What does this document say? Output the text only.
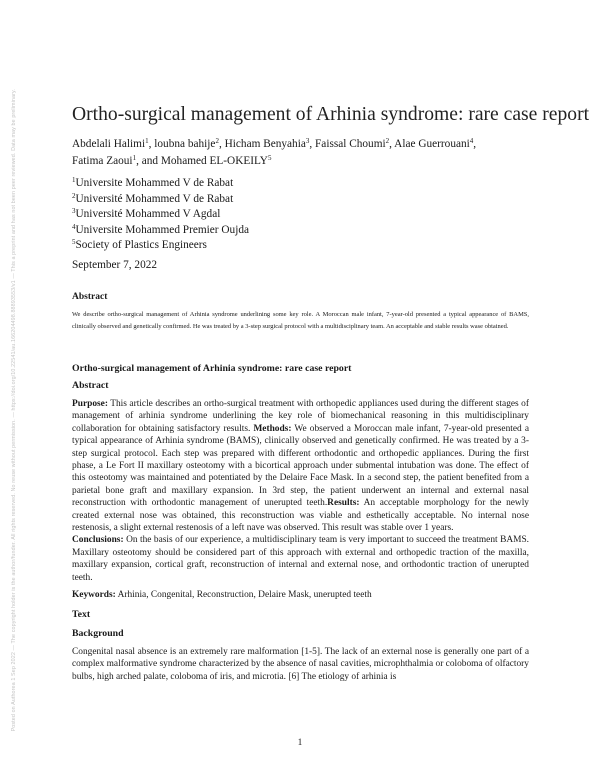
Posted on Authorea 1 Sep 2022 — The copyright holder is the author/funder. All rights reserved. No reuse without permission. — https://doi.org/10.22541/au.166204498.88893553/v1 — This a preprint and has not been peer reviewed. Data may be preliminary.	Ortho-surgical management of Arhinia syndrome: rare case report
Abdelali Halimi$^1$, loubna bahije$^2$, Hicham Benyahia$^3$, Faissal Choumi$^2$, Alae Guerrouani$^4$,
Fatima Zaoui$^1$, and Mohamed EL-OKEILY$^5$
$^1$Universite Mohammed V de Rabat
$^2$Université Mohammed V de Rabat
$^3$Université Mohammed V Agdal
$^4$Universite Mohammed Premier Oujda
$^5$Society of Plastics Engineers

September 7, 2022

Abstract

We describe ortho-surgical management of Arhinia syndrome underlining some key role. A Moroccan male infant, 7-year-old presented a typical appearance of BAMS, clinically observed and genetically confirmed. He was treated by a 3-step surgical protocol with a multidisciplinary team. An acceptable and stable results wase obtained.

Ortho-surgical management of Arhinia syndrome: rare case report
Abstract

Purpose: This article describes an ortho-surgical treatment with orthopedic appliances used during the different stages of management of arhinia syndrome underlining the key role of biomechanical reasoning in this multidisciplinary collaboration for obtaining satisfactory results. Methods: We observed a Moroccan male infant, 7-year-old presented a typical appearance of Arhinia syndrome (BAMS), clinically observed and genetically confirmed. He was treated by a 3-step surgical protocol. Each step was prepared with different orthodontic and orthopedic appliances. During the first phase, a Le Fort II maxillary osteotomy with a bicortical approach under submental intubation was done. The effect of this osteotomy was maintained and potentiated by the Delaire Face Mask. In a second step, the patient benefited from a parietal bone graft and maxillary expansion. In 3rd step, the patient underwent an internal and external nasal reconstruction with orthodontic management of unerupted teeth.Results: An acceptable morphology for the newly created external nose was obtained, this reconstruction was viable and esthetically acceptable. No internal nose restenosis, a slight external restenosis of a left nave was observed. This result was stable over 1 years.
Conclusions: On the basis of our experience, a multidisciplinary team is very important to succeed the treatment BAMS. Maxillary osteotomy should be considered part of this approach with external and orthopedic traction of the maxilla, maxillary expansion, cortical graft, reconstruction of internal and external nose, and orthodontic traction of unerupted teeth.

Keywords: Arhinia, Congenital, Reconstruction, Delaire Mask, unerupted teeth

Text
Background

Congenital nasal absence is an extremely rare malformation [1-5]. The lack of an external nose is generally one part of a complex malformative syndrome characterized by the absence of nasal cavities, microphthalmia or coloboma of olfactory bulbs, high arched palate, coloboma of iris, and microtia. [6] The etiology of arhinia is

1
